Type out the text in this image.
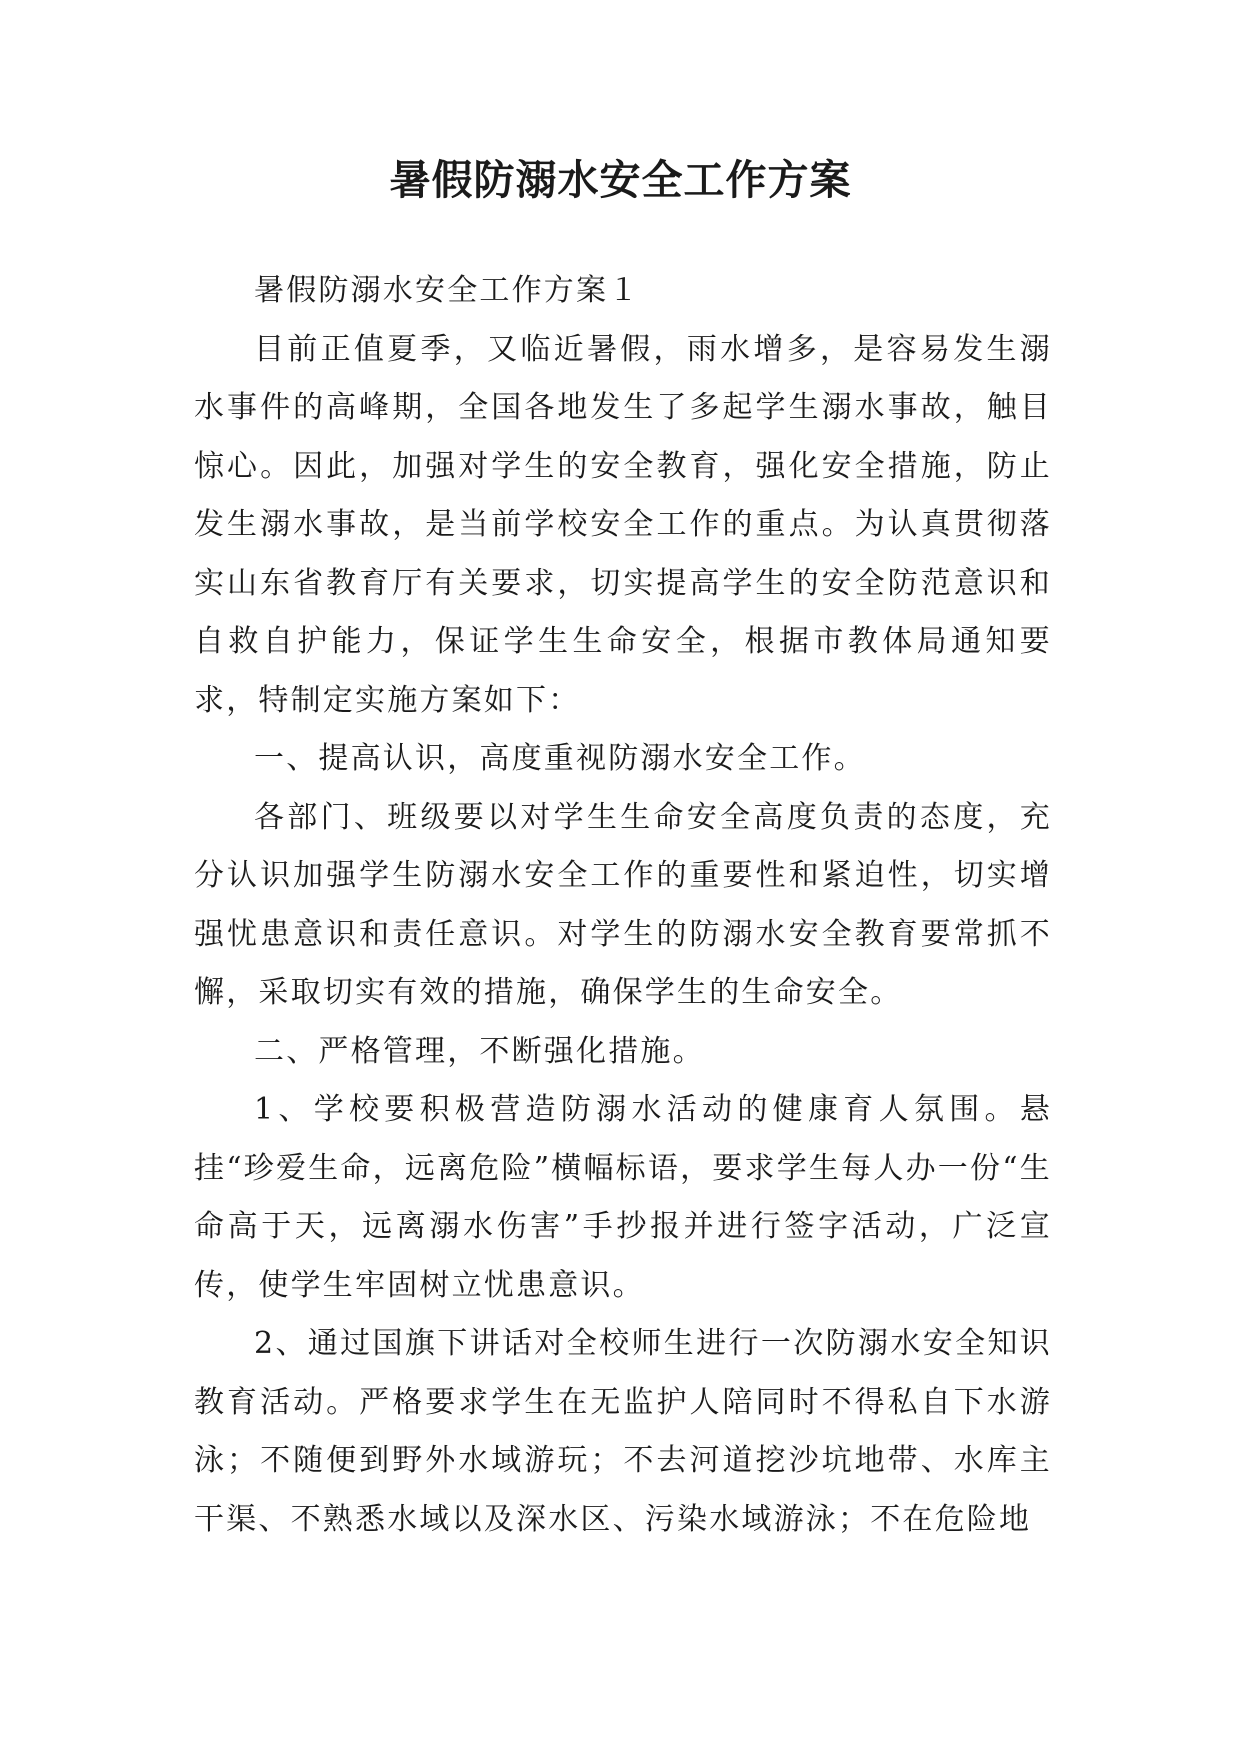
暑假防溺水安全工作方案

暑假防溺水安全工作方案１

目前正值夏季，又临近暑假，雨水增多，是容易发生溺水事件的高峰期，全国各地发生了多起学生溺水事故，触目惊心。因此，加强对学生的安全教育，强化安全措施，防止发生溺水事故，是当前学校安全工作的重点。为认真贯彻落实山东省教育厅有关要求，切实提高学生的安全防范意识和自救自护能力，保证学生生命安全，根据市教体局通知要求，特制定实施方案如下：

一、提高认识，高度重视防溺水安全工作。

各部门、班级要以对学生生命安全高度负责的态度，充分认识加强学生防溺水安全工作的重要性和紧迫性，切实增强忧患意识和责任意识。对学生的防溺水安全教育要常抓不懈，采取切实有效的措施，确保学生的生命安全。

二、严格管理，不断强化措施。

1、学校要积极营造防溺水活动的健康育人氛围。悬挂“珍爱生命，远离危险”横幅标语，要求学生每人办一份“生命高于天，远离溺水伤害”手抄报并进行签字活动，广泛宣传，使学生牢固树立忧患意识。

2、通过国旗下讲话对全校师生进行一次防溺水安全知识教育活动。严格要求学生在无监护人陪同时不得私自下水游泳；不随便到野外水域游玩；不去河道挖沙坑地带、水库主干渠、不熟悉水域以及深水区、污染水域游泳；不在危险地
